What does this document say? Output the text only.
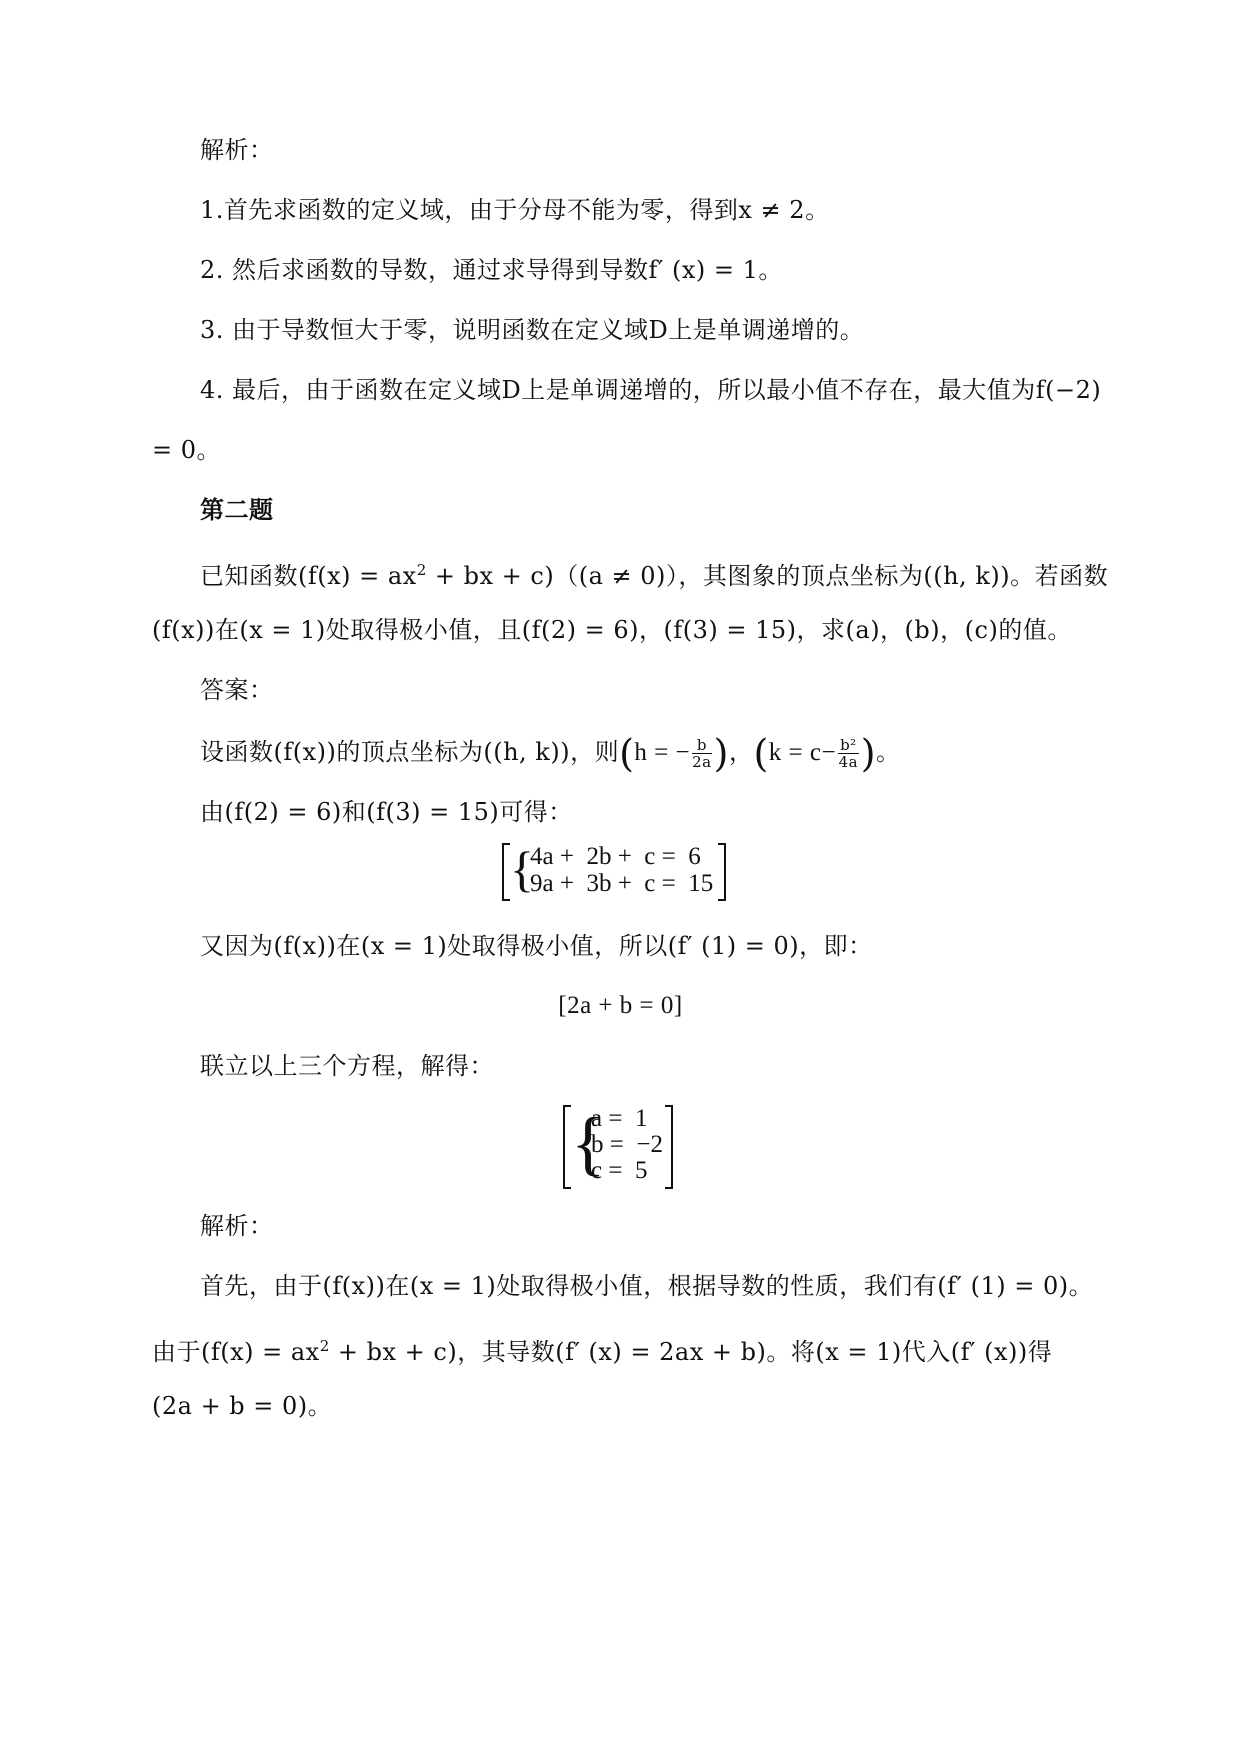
解析：
1.首先求函数的定义域，由于分母不能为零，得到x ≠ 2。
2. 然后求函数的导数，通过求导得到导数f′ (x) = 1。
3. 由于导数恒大于零，说明函数在定义域D上是单调递增的。
4. 最后，由于函数在定义域D上是单调递增的，所以最小值不存在，最大值为f(−2)
= 0。
第二题
已知函数($f(x) = ax^2$ + bx + c)（(a ≠ 0)），其图象的顶点坐标为((h, k))。若函数
(f(x))在(x = 1)处取得极小值，且(f(2) = 6)，(f(3) = 15)，求(a)，(b)，(c)的值。
答案：
设函数(f(x))的顶点坐标为((h, k))，则(h = − $\frac{b}{2a}$ )，($k = c- \frac{\text{b²}}{4a}$ )。
由(f(2) = 6)和(f(3) = 15)可得：
{
4a +  2b +  c =  6
9a +  3b +  c =  15
又因为(f(x))在(x = 1)处取得极小值，所以(f′ (1) = 0)，即：
[2a + b = 0]
联立以上三个方程，解得：
{
a =  1
b =  −2
c =  5
解析：
首先，由于(f(x))在(x = 1)处取得极小值，根据导数的性质，我们有(f′ (1) = 0)。
由于($f(x) = ax^2$ + bx + c)，其导数(f′ (x) = 2ax + b)。将(x = 1)代入(f′ (x))得
(2a + b = 0)。
